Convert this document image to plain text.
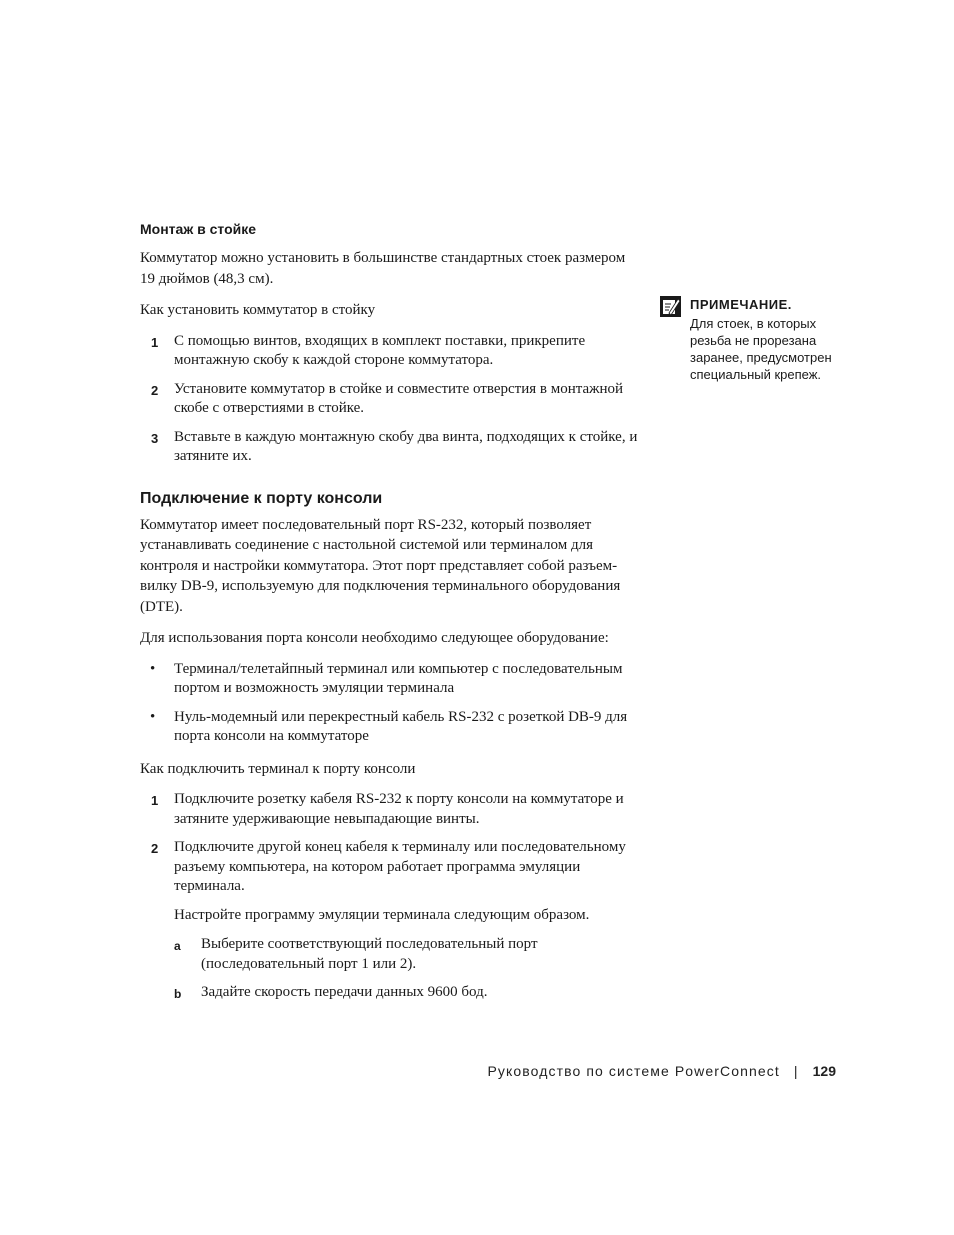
Монтаж в стойке

Коммутатор можно установить в большинстве стандартных стоек размером 19 дюймов (48,3 см).

Как установить коммутатор в стойку

1 С помощью винтов, входящих в комплект поставки, прикрепите монтажную скобу к каждой стороне коммутатора.
2 Установите коммутатор в стойке и совместите отверстия в монтажной скобе с отверстиями в стойке.
3 Вставьте в каждую монтажную скобу два винта, подходящих к стойке, и затяните их.
Подключение к порту консоли

Коммутатор имеет последовательный порт RS-232, который позволяет устанавливать соединение с настольной системой или терминалом для контроля и настройки коммутатора. Этот порт представляет собой разъем-вилку DB-9, используемую для подключения терминального оборудования (DTE).

Для использования порта консоли необходимо следующее оборудование:

• Терминал/телетайпный терминал или компьютер с последовательным портом и возможность эмуляции терминала
• Нуль-модемный или перекрестный кабель RS-232 с розеткой DB-9 для порта консоли на коммутаторе

Как подключить терминал к порту консоли

1 Подключите розетку кабеля RS-232 к порту консоли на коммутаторе и затяните удерживающие невыпадающие винты.
2 Подключите другой конец кабеля к терминалу или последовательному разъему компьютера, на котором работает программа эмуляции терминала.
Настройте программу эмуляции терминала следующим образом.
a Выберите соответствующий последовательный порт (последовательный порт 1 или 2).
b Задайте скорость передачи данных 9600 бод.
ПРИМЕЧАНИЕ.
Для стоек, в которых резьба не прорезана заранее, предусмотрен специальный крепеж.
Руководство по системе PowerConnect | 129
